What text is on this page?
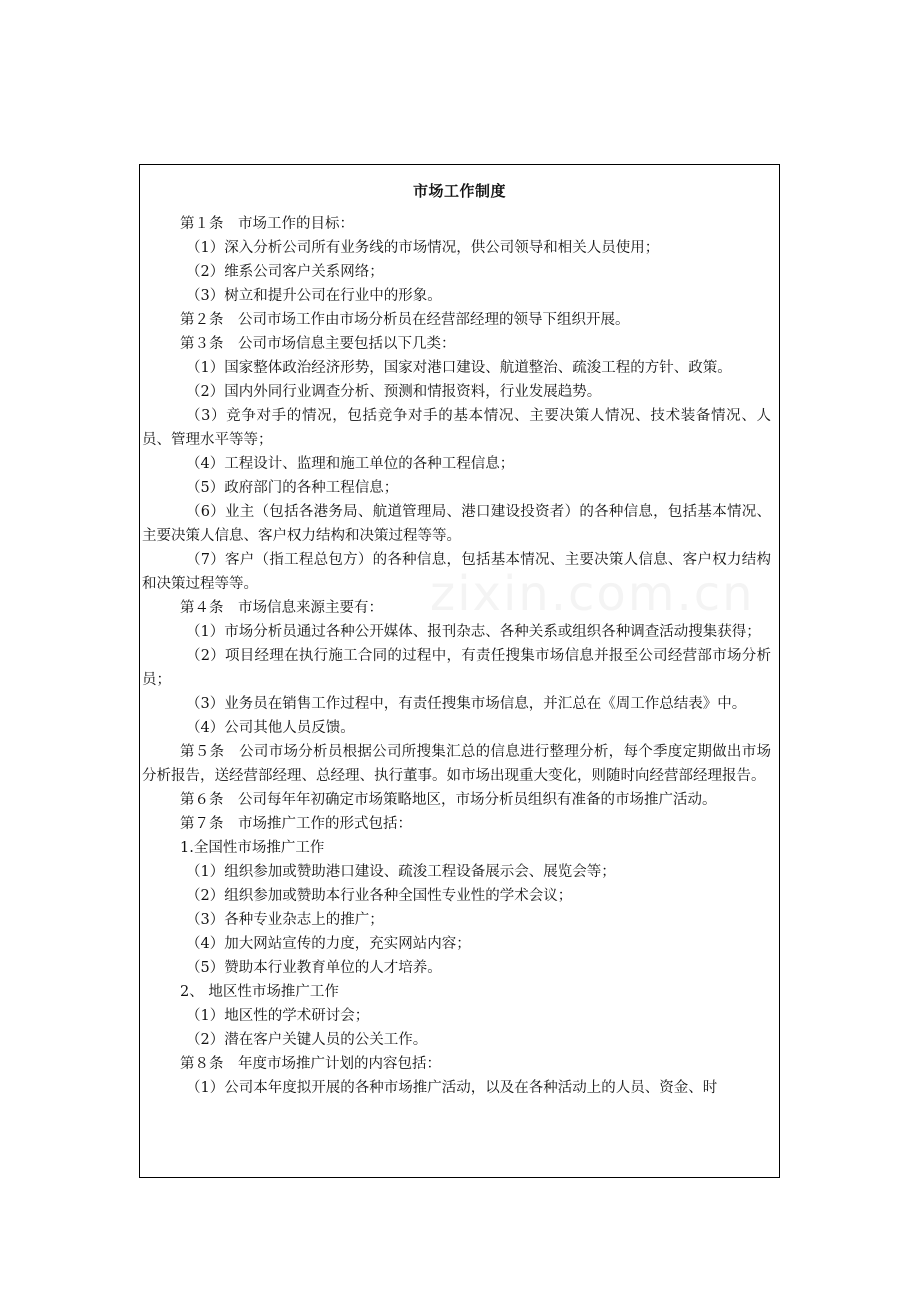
市场工作制度

第１条　市场工作的目标：

（1）深入分析公司所有业务线的市场情况，供公司领导和相关人员使用；

（2）维系公司客户关系网络；

（3）树立和提升公司在行业中的形象。

第２条　公司市场工作由市场分析员在经营部经理的领导下组织开展。

第３条　公司市场信息主要包括以下几类：

（1）国家整体政治经济形势，国家对港口建设、航道整治、疏浚工程的方针、政策。

（2）国内外同行业调查分析、预测和情报资料，行业发展趋势。

（3）竞争对手的情况，包括竞争对手的基本情况、主要决策人情况、技术装备情况、人员、管理水平等等；

（4）工程设计、监理和施工单位的各种工程信息；

（5）政府部门的各种工程信息；

（6）业主（包括各港务局、航道管理局、港口建设投资者）的各种信息，包括基本情况、主要决策人信息、客户权力结构和决策过程等等。

（7）客户（指工程总包方）的各种信息，包括基本情况、主要决策人信息、客户权力结构和决策过程等等。

第４条　市场信息来源主要有：

（1）市场分析员通过各种公开媒体、报刊杂志、各种关系或组织各种调查活动搜集获得；

（2）项目经理在执行施工合同的过程中，有责任搜集市场信息并报至公司经营部市场分析员；

（3）业务员在销售工作过程中，有责任搜集市场信息，并汇总在《周工作总结表》中。

（4）公司其他人员反馈。

第５条　公司市场分析员根据公司所搜集汇总的信息进行整理分析，每个季度定期做出市场分析报告，送经营部经理、总经理、执行董事。如市场出现重大变化，则随时向经营部经理报告。

第６条　公司每年年初确定市场策略地区，市场分析员组织有准备的市场推广活动。

第７条　市场推广工作的形式包括：

1.全国性市场推广工作

（1）组织参加或赞助港口建设、疏浚工程设备展示会、展览会等；

（2）组织参加或赞助本行业各种全国性专业性的学术会议；

（3）各种专业杂志上的推广；

（4）加大网站宣传的力度，充实网站内容；

（5）赞助本行业教育单位的人才培养。

2、 地区性市场推广工作

（1）地区性的学术研讨会；

（2）潜在客户关键人员的公关工作。

第８条　年度市场推广计划的内容包括：

（1）公司本年度拟开展的各种市场推广活动，以及在各种活动上的人员、资金、时

zixin.com.cn
